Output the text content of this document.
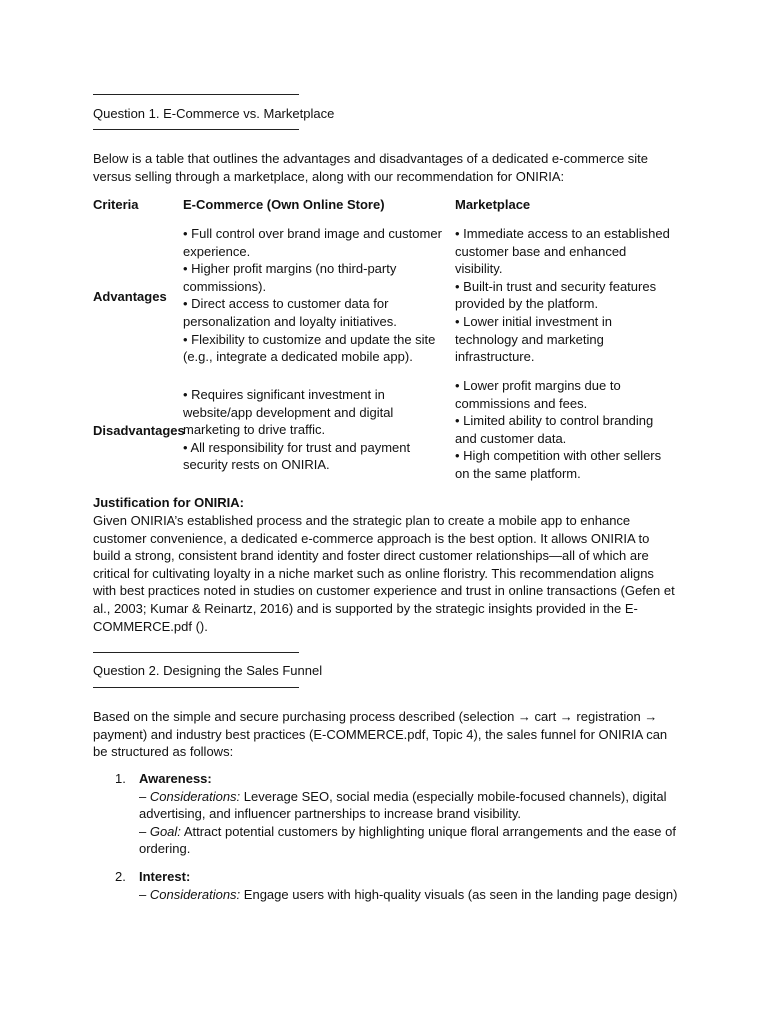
Question 1. E-Commerce vs. Marketplace

Below is a table that outlines the advantages and disadvantages of a dedicated e-commerce site versus selling through a marketplace, along with our recommendation for ONIRIA:

Criteria	E-Commerce (Own Online Store)	Marketplace
Advantages
• Full control over brand image and customer experience.
• Higher profit margins (no third-party commissions).
• Direct access to customer data for personalization and loyalty initiatives.
• Flexibility to customize and update the site (e.g., integrate a dedicated mobile app).
• Immediate access to an established customer base and enhanced visibility.
• Built-in trust and security features provided by the platform.
• Lower initial investment in technology and marketing infrastructure.
Disadvantages
• Requires significant investment in website/app development and digital marketing to drive traffic.
• All responsibility for trust and payment security rests on ONIRIA.
• Lower profit margins due to commissions and fees.
• Limited ability to control branding and customer data.
• High competition with other sellers on the same platform.

Justification for ONIRIA:

Given ONIRIA’s established process and the strategic plan to create a mobile app to enhance customer convenience, a dedicated e-commerce approach is the best option. It allows ONIRIA to build a strong, consistent brand identity and foster direct customer relationships—all of which are critical for cultivating loyalty in a niche market such as online floristry. This recommendation aligns with best practices noted in studies on customer experience and trust in online transactions (Gefen et al., 2003; Kumar & Reinartz, 2016) and is supported by the strategic insights provided in the E-COMMERCE.pdf ().

Question 2. Designing the Sales Funnel

Based on the simple and secure purchasing process described (selection → cart → registration → payment) and industry best practices (E-COMMERCE.pdf, Topic 4), the sales funnel for ONIRIA can be structured as follows:

1. Awareness:
– Considerations: Leverage SEO, social media (especially mobile-focused channels), digital advertising, and influencer partnerships to increase brand visibility.
– Goal: Attract potential customers by highlighting unique floral arrangements and the ease of ordering.
2. Interest:
– Considerations: Engage users with high-quality visuals (as seen in the landing page design)
